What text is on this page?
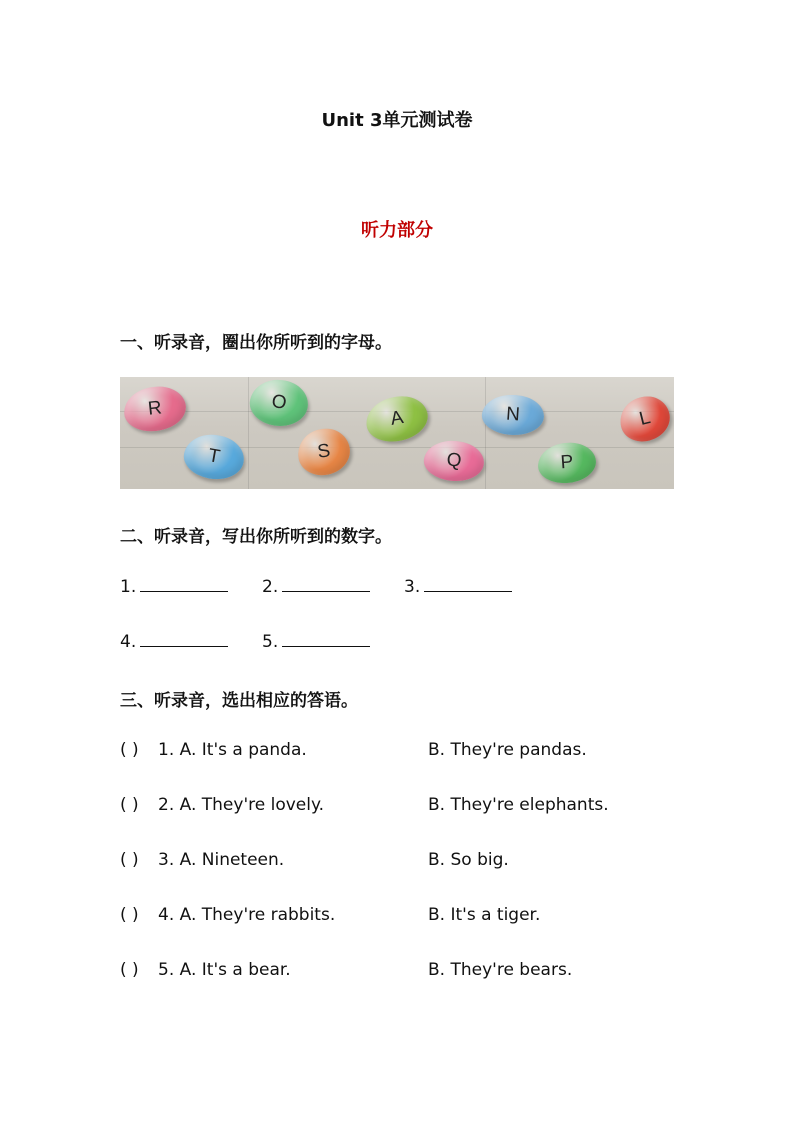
Unit 3单元测试卷
听力部分
一、听录音，圈出你所听到的字母。
R	O
A	N	L
T	S	Q	P
二、听录音，写出你所听到的数字。
1.	2.	3.
4.	5.
三、听录音，选出相应的答语。
( ) 1. A. It's a panda.	B. They're pandas.
( ) 2. A. They're lovely.	B. They're elephants.
( ) 3. A. Nineteen.	B. So big.
( ) 4. A. They're rabbits.	B. It's a tiger.
( ) 5. A. It's a bear.	B. They're bears.
